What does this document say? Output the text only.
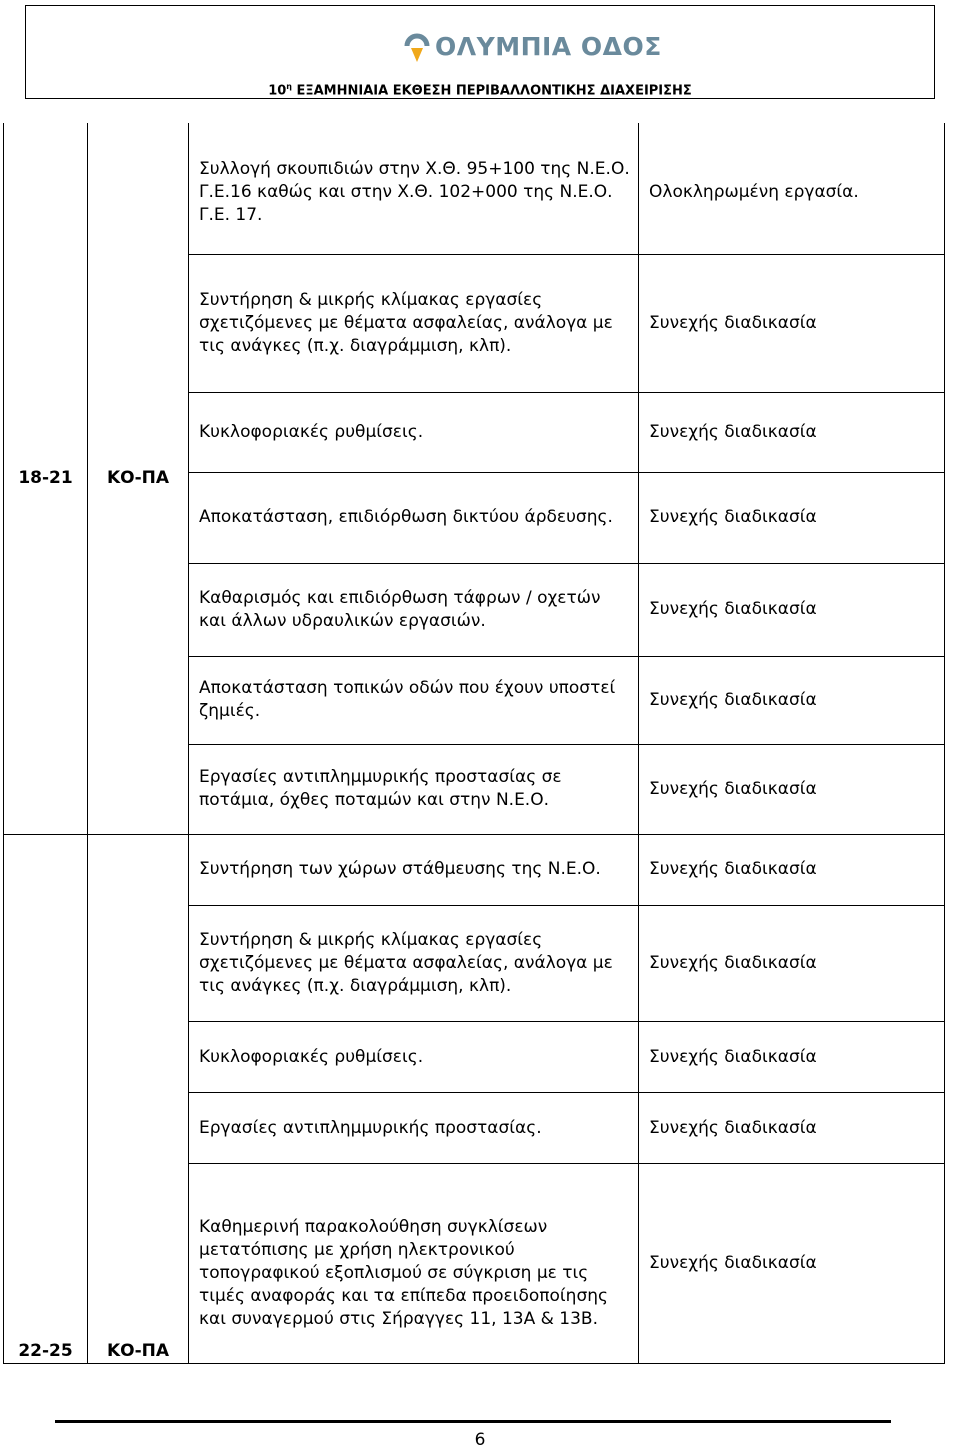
ΟΛΥΜΠΙΑ ΟΔΟΣ
$10^\eta$ ΕΞΑΜΗΝΙΑΙΑ ΕΚΘΕΣΗ ΠΕΡΙΒΑΛΛΟΝΤΙΚΗΣ ΔΙΑΧΕΙΡΙΣΗΣ
18-21	ΚΟ-ΠΑ	Συλλογή σκουπιδιών στην Χ.Θ. 95+100 της Ν.Ε.Ο. Γ.Ε.16 καθώς και στην Χ.Θ. 102+000 της Ν.Ε.Ο. Γ.Ε. 17.	Ολοκληρωμένη εργασία.
		Συντήρηση & μικρής κλίμακας εργασίες σχετιζόμενες με θέματα ασφαλείας, ανάλογα με τις ανάγκες (π.χ. διαγράμμιση, κλπ).	Συνεχής διαδικασία
		Κυκλοφοριακές ρυθμίσεις.	Συνεχής διαδικασία
		Αποκατάσταση, επιδιόρθωση δικτύου άρδευσης.	Συνεχής διαδικασία
		Καθαρισμός και επιδιόρθωση τάφρων / οχετών και άλλων υδραυλικών εργασιών.	Συνεχής διαδικασία
		Αποκατάσταση τοπικών οδών που έχουν υποστεί ζημιές.	Συνεχής διαδικασία
		Εργασίες αντιπλημμυρικής προστασίας σε ποτάμια, όχθες ποταμών και στην Ν.Ε.Ο.	Συνεχής διαδικασία
22-25	ΚΟ-ΠΑ	Συντήρηση των χώρων στάθμευσης της Ν.Ε.Ο.	Συνεχής διαδικασία
		Συντήρηση & μικρής κλίμακας εργασίες σχετιζόμενες με θέματα ασφαλείας, ανάλογα με τις ανάγκες (π.χ. διαγράμμιση, κλπ).	Συνεχής διαδικασία
		Κυκλοφοριακές ρυθμίσεις.	Συνεχής διαδικασία
		Εργασίες αντιπλημμυρικής προστασίας.	Συνεχής διαδικασία
		Καθημερινή παρακολούθηση συγκλίσεων μετατόπισης με χρήση ηλεκτρονικού τοπογραφικού εξοπλισμού σε σύγκριση με τις τιμές αναφοράς και τα επίπεδα προειδοποίησης και συναγερμού στις Σήραγγες 11, 13Α & 13Β.	Συνεχής διαδικασία
6
